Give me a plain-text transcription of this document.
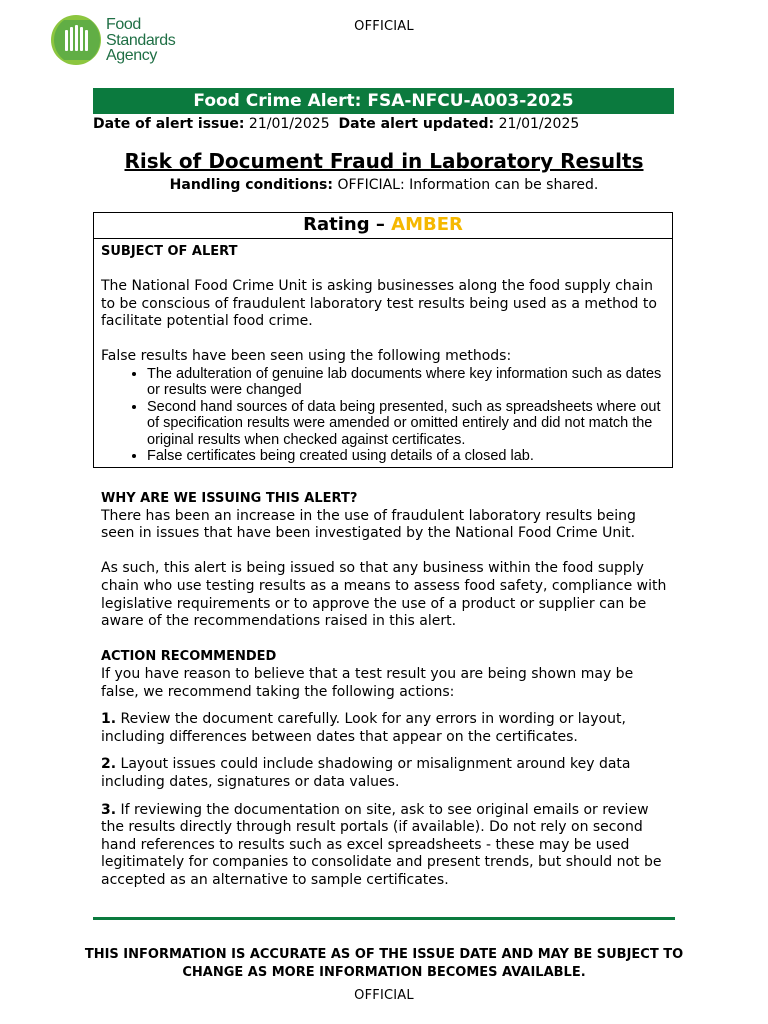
OFFICIAL
Food
Standards
Agency
Food Crime Alert: FSA-NFCU-A003-2025
Date of alert issue: 21/01/2025 Date alert updated: 21/01/2025
Risk of Document Fraud in Laboratory Results
Handling conditions: OFFICIAL: Information can be shared.
Rating – AMBER
SUBJECT OF ALERT

The National Food Crime Unit is asking businesses along the food supply chain to be conscious of fraudulent laboratory test results being used as a method to facilitate potential food crime.

False results have been seen using the following methods:

• The adulteration of genuine lab documents where key information such as dates or results were changed
• Second hand sources of data being presented, such as spreadsheets where out of specification results were amended or omitted entirely and did not match the original results when checked against certificates.
• False certificates being created using details of a closed lab.
WHY ARE WE ISSUING THIS ALERT?

There has been an increase in the use of fraudulent laboratory results being seen in issues that have been investigated by the National Food Crime Unit.

As such, this alert is being issued so that any business within the food supply chain who use testing results as a means to assess food safety, compliance with legislative requirements or to approve the use of a product or supplier can be aware of the recommendations raised in this alert.

ACTION RECOMMENDED

If you have reason to believe that a test result you are being shown may be false, we recommend taking the following actions:

1. Review the document carefully. Look for any errors in wording or layout, including differences between dates that appear on the certificates.

2. Layout issues could include shadowing or misalignment around key data including dates, signatures or data values.

3. If reviewing the documentation on site, ask to see original emails or review the results directly through result portals (if available). Do not rely on second hand references to results such as excel spreadsheets - these may be used legitimately for companies to consolidate and present trends, but should not be accepted as an alternative to sample certificates.

THIS INFORMATION IS ACCURATE AS OF THE ISSUE DATE AND MAY BE SUBJECT TO
CHANGE AS MORE INFORMATION BECOMES AVAILABLE.
OFFICIAL
